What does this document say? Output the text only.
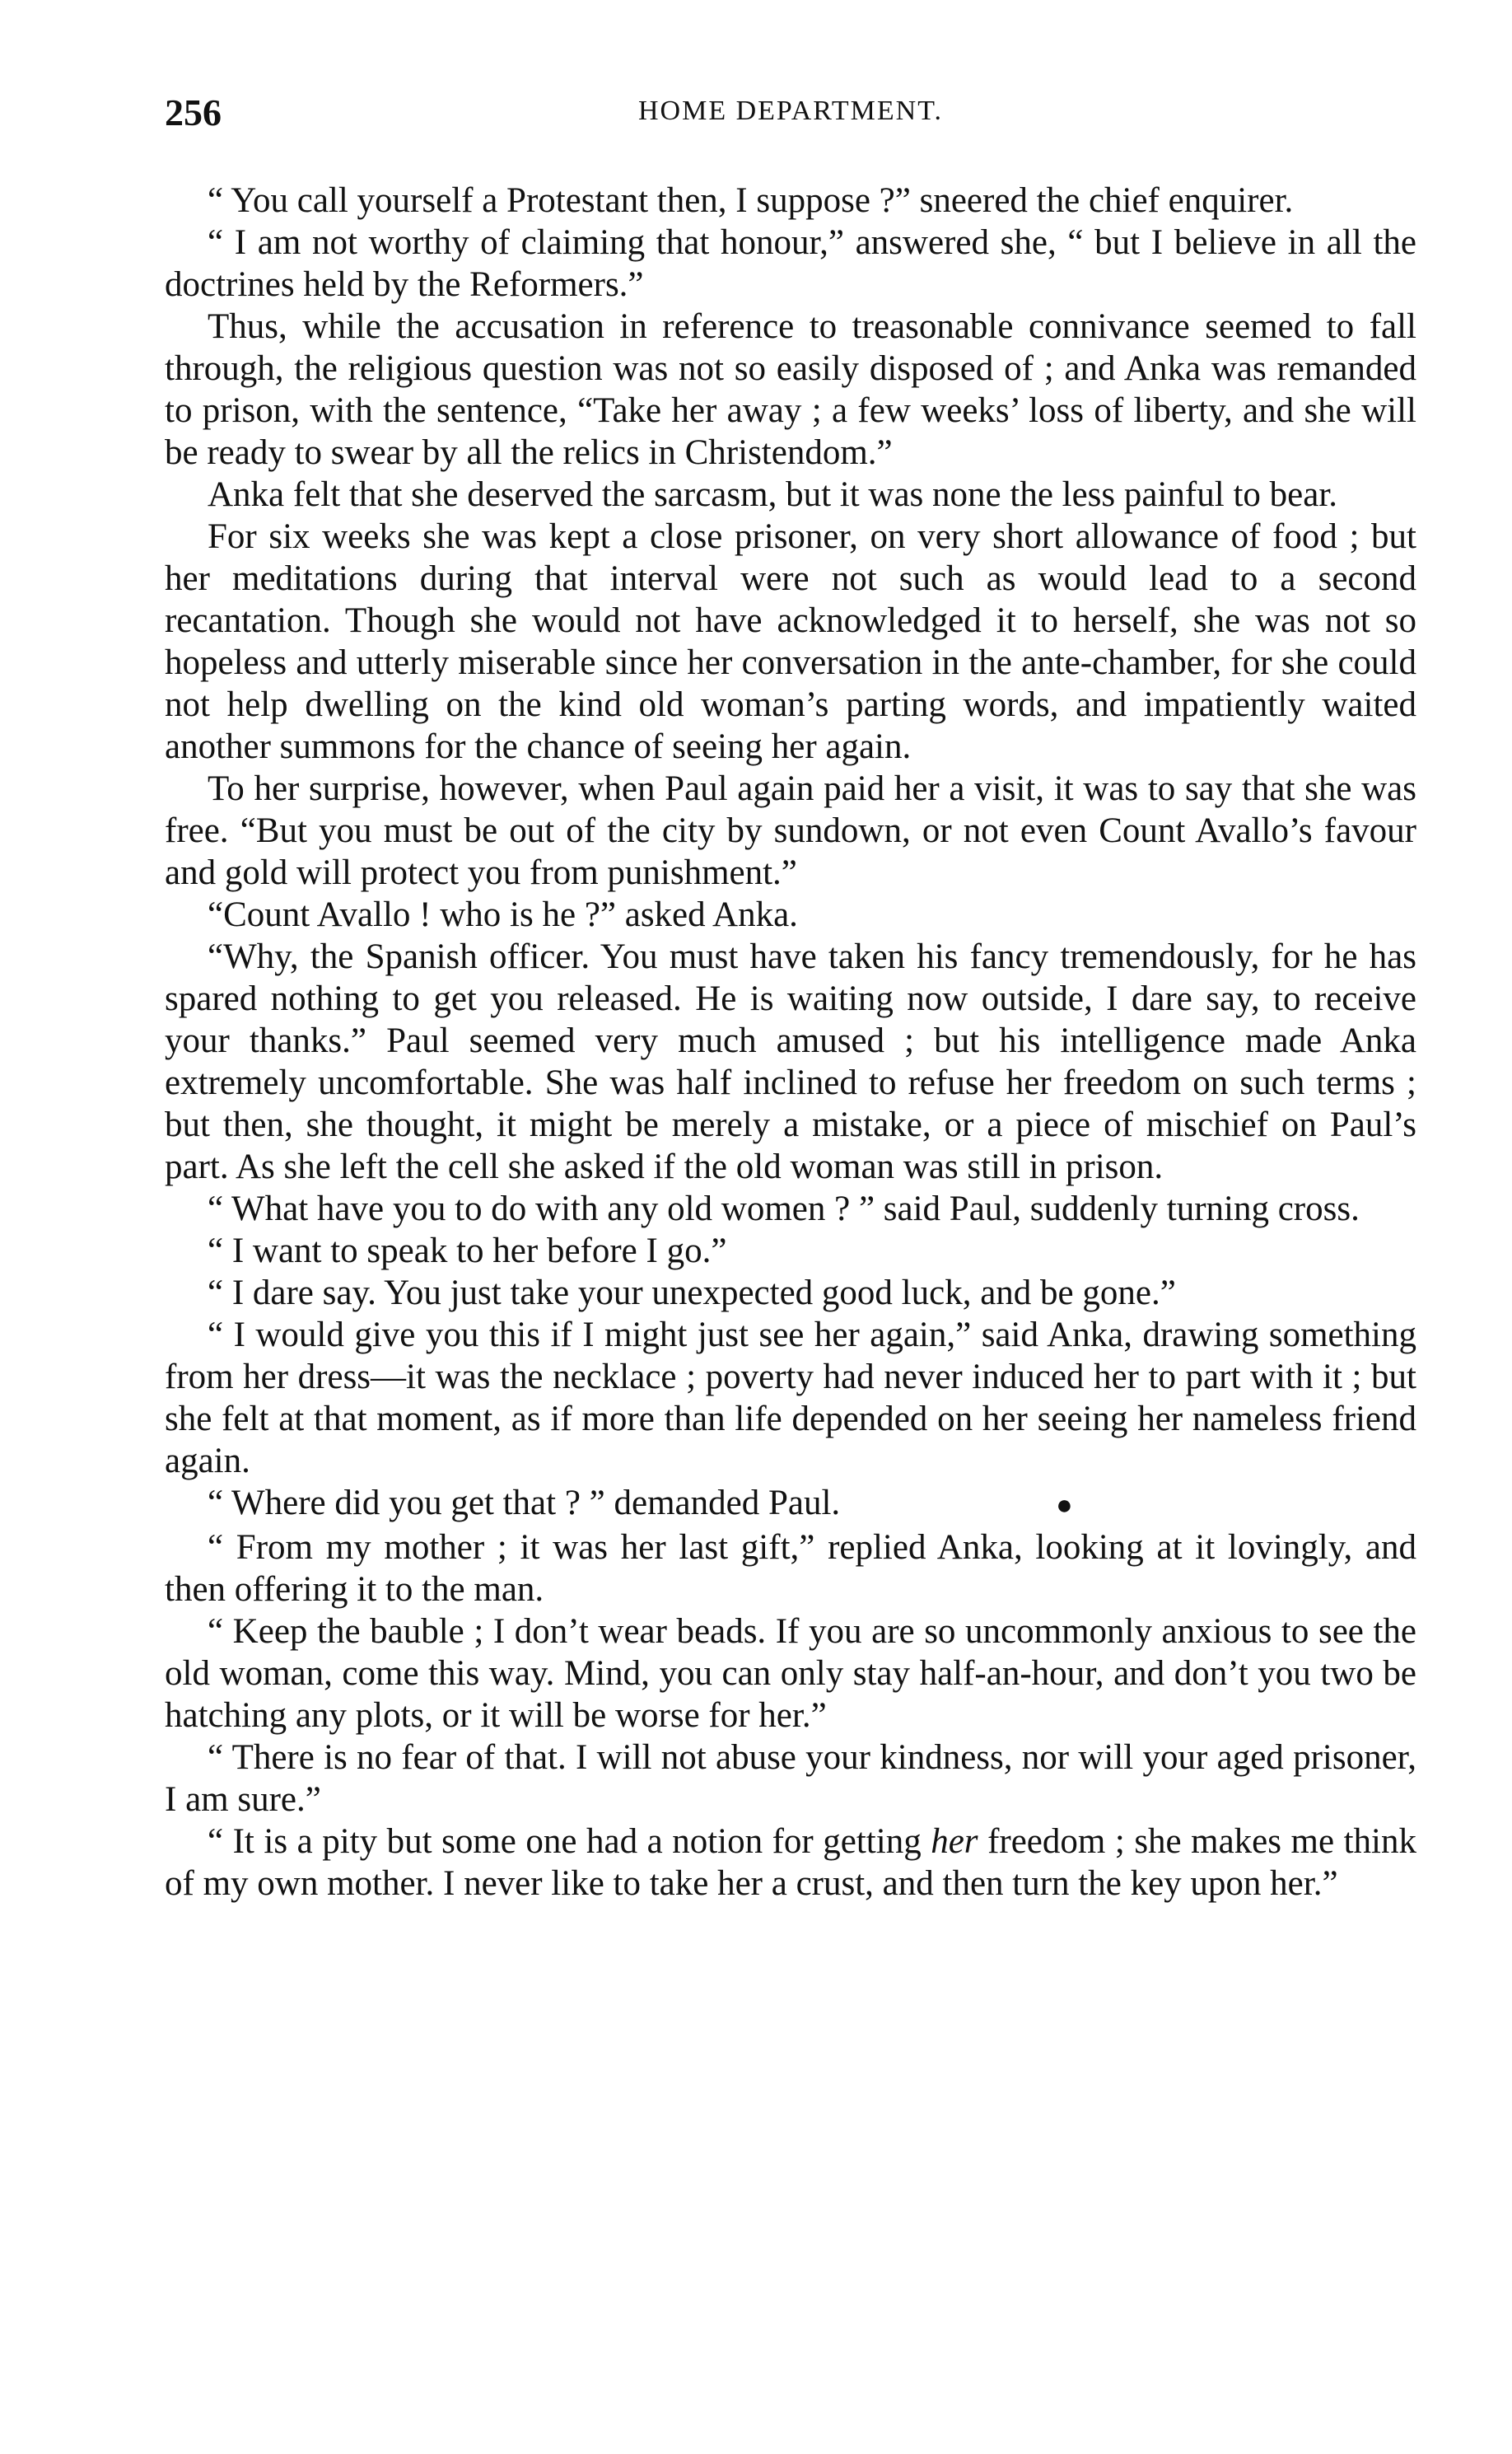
256	HOME DEPARTMENT.

“ You call yourself a Protestant then, I suppose ?” sneered the chief enquirer.

“ I am not worthy of claiming that honour,” answered she, “ but I believe in all the doctrines held by the Reformers.”

Thus, while the accusation in reference to treasonable connivance seemed to fall through, the religious question was not so easily disposed of ; and Anka was remanded to prison, with the sentence, “Take her away ; a few weeks’ loss of liberty, and she will be ready to swear by all the relics in Christendom.”

Anka felt that she deserved the sarcasm, but it was none the less painful to bear.

For six weeks she was kept a close prisoner, on very short allowance of food ; but her meditations during that interval were not such as would lead to a second recantation. Though she would not have acknowledged it to herself, she was not so hopeless and utterly miserable since her conversation in the ante-chamber, for she could not help dwelling on the kind old woman’s parting words, and impatiently waited another summons for the chance of seeing her again.

To her surprise, however, when Paul again paid her a visit, it was to say that she was free. “But you must be out of the city by sundown, or not even Count Avallo’s favour and gold will protect you from punishment.”

“Count Avallo ! who is he ?” asked Anka.

“Why, the Spanish officer. You must have taken his fancy tremendously, for he has spared nothing to get you released. He is waiting now outside, I dare say, to receive your thanks.” Paul seemed very much amused ; but his intelligence made Anka extremely uncomfortable. She was half inclined to refuse her freedom on such terms ; but then, she thought, it might be merely a mistake, or a piece of mischief on Paul’s part. As she left the cell she asked if the old woman was still in prison.

“ What have you to do with any old women ? ” said Paul, suddenly turning cross.

“ I want to speak to her before I go.”

“ I dare say. You just take your unexpected good luck, and be gone.”

“ I would give you this if I might just see her again,” said Anka, drawing something from her dress—it was the necklace ; poverty had never induced her to part with it ; but she felt at that moment, as if more than life depended on her seeing her nameless friend again.

“ Where did you get that ? ” demanded Paul.	●

“ From my mother ; it was her last gift,” replied Anka, looking at it lovingly, and then offering it to the man.

“ Keep the bauble ; I don’t wear beads. If you are so uncommonly anxious to see the old woman, come this way. Mind, you can only stay half-an-hour, and don’t you two be hatching any plots, or it will be worse for her.”

“ There is no fear of that. I will not abuse your kindness, nor will your aged prisoner, I am sure.”

“ It is a pity but some one had a notion for getting her freedom ; she makes me think of my own mother. I never like to take her a crust, and then turn the key upon her.”
